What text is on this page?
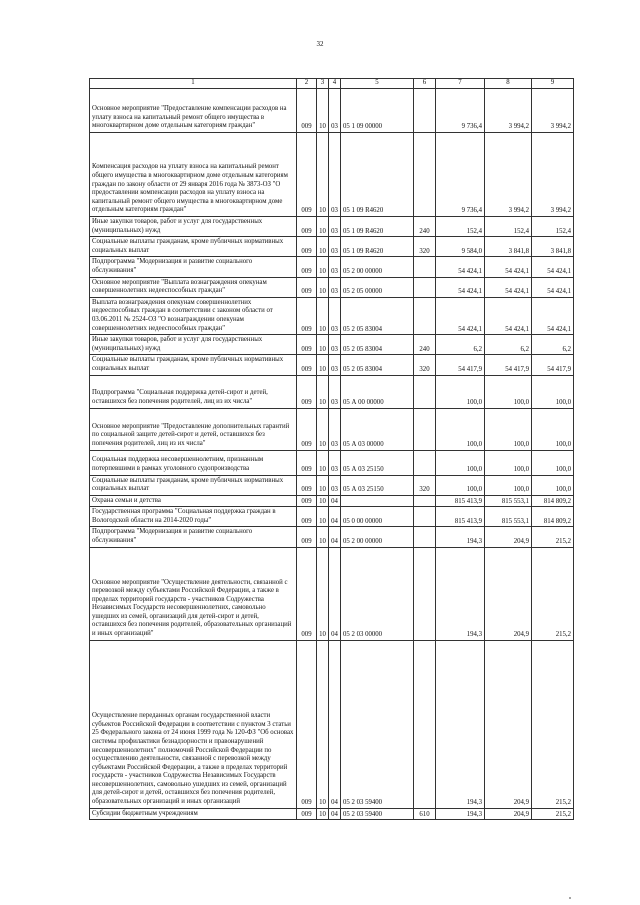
32
1	2	3	4	5	6	7	8	9
Основное мероприятие "Предоставление компенсации расходов на уплату взноса на капитальный ремонт общего имущества в многоквартирном доме отдельным категориям граждан"	009	10	03	05 1 09 00000		9 736,4	3 994,2	3 994,2
Компенсация расходов на уплату взноса на капитальный ремонт общего имущества в многоквартирном доме отдельным категориям граждан по закону области от 29 января 2016 года № 3873-ОЗ "О предоставлении компенсации расходов на уплату взноса на капитальный ремонт общего имущества в многоквартирном доме отдельным категориям граждан"	009	10	03	05 1 09 R4620		9 736,4	3 994,2	3 994,2
Иные закупки товаров, работ и услуг для государственных (муниципальных) нужд	009	10	03	05 1 09 R4620	240	152,4	152,4	152,4
Социальные выплаты гражданам, кроме публичных нормативных социальных выплат	009	10	03	05 1 09 R4620	320	9 584,0	3 841,8	3 841,8
Подпрограмма "Модернизация и развитие социального обслуживания"	009	10	03	05 2 00 00000		54 424,1	54 424,1	54 424,1
Основное мероприятие "Выплата вознаграждения опекунам совершеннолетних недееспособных граждан"	009	10	03	05 2 05 00000		54 424,1	54 424,1	54 424,1
Выплата вознаграждения опекунам совершеннолетних недееспособных граждан в соответствии с законом области от 03.06.2011 № 2524-ОЗ "О вознаграждении опекунам совершеннолетних недееспособных граждан"	009	10	03	05 2 05 83004		54 424,1	54 424,1	54 424,1
Иные закупки товаров, работ и услуг для государственных (муниципальных) нужд	009	10	03	05 2 05 83004	240	6,2	6,2	6,2
Социальные выплаты гражданам, кроме публичных нормативных социальных выплат	009	10	03	05 2 05 83004	320	54 417,9	54 417,9	54 417,9
Подпрограмма "Социальная поддержка детей-сирот и детей, оставшихся без попечения родителей, лиц из их числа"	009	10	03	05 А 00 00000		100,0	100,0	100,0
Основное мероприятие "Предоставление дополнительных гарантий по социальной защите детей-сирот и детей, оставшихся без попечения родителей, лиц из их числа"	009	10	03	05 А 03 00000		100,0	100,0	100,0
Социальная поддержка несовершеннолетним, признанным потерпевшими в рамках уголовного судопроизводства	009	10	03	05 А 03 25150		100,0	100,0	100,0
Социальные выплаты гражданам, кроме публичных нормативных социальных выплат	009	10	03	05 А 03 25150	320	100,0	100,0	100,0
Охрана семьи и детства	009	10	04			815 413,9	815 553,1	814 809,2
Государственная программа "Социальная поддержка граждан в Вологодской области на 2014-2020 годы"	009	10	04	05 0 00 00000		815 413,9	815 553,1	814 809,2
Подпрограмма "Модернизация и развитие социального обслуживания"	009	10	04	05 2 00 00000		194,3	204,9	215,2
Основное мероприятие "Осуществление деятельности, связанной с перевозкой между субъектами Российской Федерации, а также в пределах территорий государств - участников Содружества Независимых Государств несовершеннолетних, самовольно ушедших из семей, организаций для детей-сирот и детей, оставшихся без попечения родителей, образовательных организаций и иных организаций"	009	10	04	05 2 03 00000		194,3	204,9	215,2
Осуществление переданных органам государственной власти субъектов Российской Федерации в соответствии с пунктом 3 статьи 25 Федерального закона от 24 июня 1999 года № 120-ФЗ "Об основах системы профилактики безнадзорности и правонарушений несовершеннолетних" полномочий Российской Федерации по осуществлению деятельности, связанной с перевозкой между субъектами Российской Федерации, а также в пределах территорий государств - участников Содружества Независимых Государств несовершеннолетних, самовольно ушедших из семей, организаций для детей-сирот и детей, оставшихся без попечения родителей, образовательных организаций и иных организаций	009	10	04	05 2 03 59400		194,3	204,9	215,2
Субсидии бюджетным учреждениям	009	10	04	05 2 03 59400	610	194,3	204,9	215,2
